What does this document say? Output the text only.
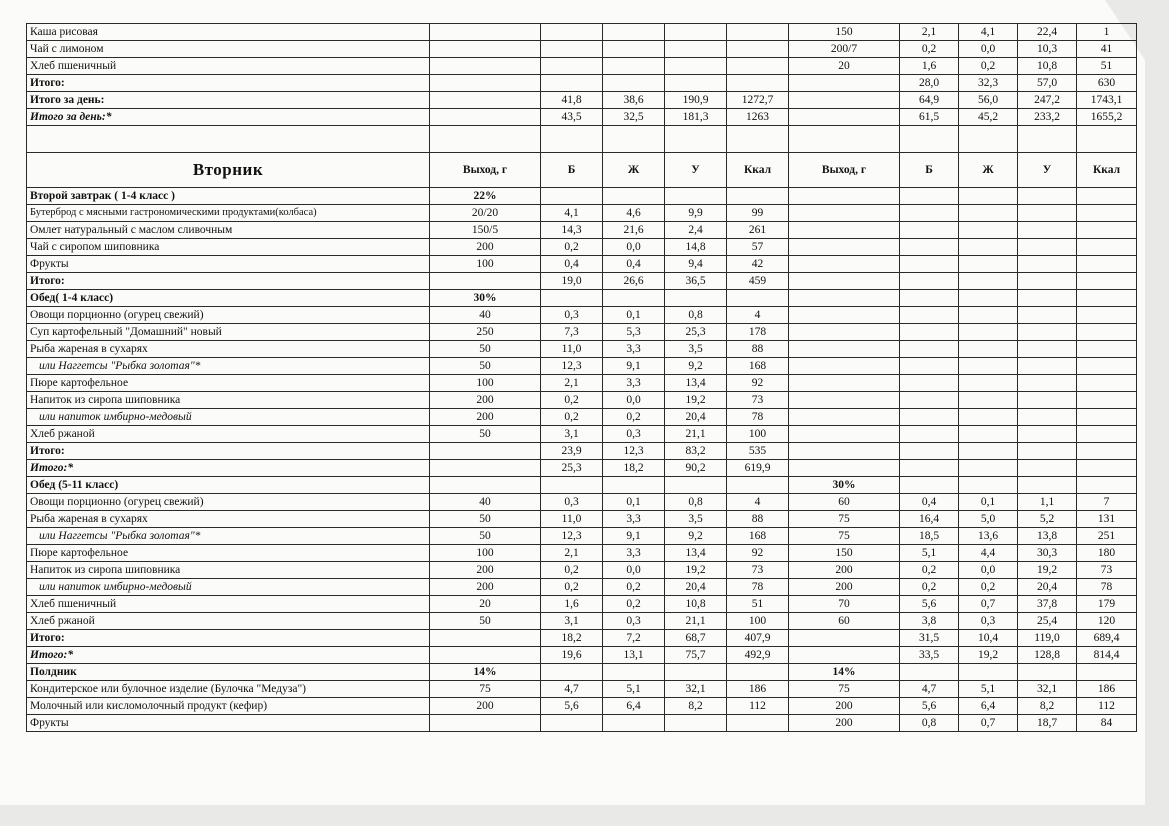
Каша рисовая						150	2,1	4,1	22,4	1
Чай с лимоном						200/7	0,2	0,0	10,3	41
Хлеб пшеничный						20	1,6	0,2	10,8	51
Итого:							28,0	32,3	57,0	630
Итого за день:		41,8	38,6	190,9	1272,7		64,9	56,0	247,2	1743,1
Итого за день:*		43,5	32,5	181,3	1263		61,5	45,2	233,2	1655,2

Вторник	Выход, г	Б	Ж	У	Ккал	Выход, г	Б	Ж	У	Ккал
Второй завтрак ( 1-4 класс )	22%									
Бутерброд с мясными гастрономическими продуктами(колбаса)	20/20	4,1	4,6	9,9	99					
Омлет натуральный с маслом сливочным	150/5	14,3	21,6	2,4	261					
Чай с сиропом шиповника	200	0,2	0,0	14,8	57					
Фрукты	100	0,4	0,4	9,4	42					
Итого:		19,0	26,6	36,5	459					
Обед( 1-4 класс)	30%									
Овощи порционно (огурец свежий)	40	0,3	0,1	0,8	4					
Суп картофельный "Домашний" новый	250	7,3	5,3	25,3	178					
Рыба жареная в сухарях	50	11,0	3,3	3,5	88					
или Наггетсы "Рыбка золотая"*	50	12,3	9,1	9,2	168					
Пюре картофельное	100	2,1	3,3	13,4	92					
Напиток из сиропа шиповника	200	0,2	0,0	19,2	73					
или напиток имбирно-медовый	200	0,2	0,2	20,4	78					
Хлеб ржаной	50	3,1	0,3	21,1	100					
Итого:		23,9	12,3	83,2	535					
Итого:*		25,3	18,2	90,2	619,9					
Обед (5-11 класс)						30%				
Овощи порционно (огурец свежий)	40	0,3	0,1	0,8	4	60	0,4	0,1	1,1	7
Рыба жареная в сухарях	50	11,0	3,3	3,5	88	75	16,4	5,0	5,2	131
или Наггетсы "Рыбка золотая"*	50	12,3	9,1	9,2	168	75	18,5	13,6	13,8	251
Пюре картофельное	100	2,1	3,3	13,4	92	150	5,1	4,4	30,3	180
Напиток из сиропа шиповника	200	0,2	0,0	19,2	73	200	0,2	0,0	19,2	73
или напиток имбирно-медовый	200	0,2	0,2	20,4	78	200	0,2	0,2	20,4	78
Хлеб пшеничный	20	1,6	0,2	10,8	51	70	5,6	0,7	37,8	179
Хлеб ржаной	50	3,1	0,3	21,1	100	60	3,8	0,3	25,4	120
Итого:		18,2	7,2	68,7	407,9		31,5	10,4	119,0	689,4
Итого:*		19,6	13,1	75,7	492,9		33,5	19,2	128,8	814,4
Полдник	14%					14%				
Кондитерское или булочное изделие (Булочка "Медуза")	75	4,7	5,1	32,1	186	75	4,7	5,1	32,1	186
Молочный или кисломолочный продукт (кефир)	200	5,6	6,4	8,2	112	200	5,6	6,4	8,2	112
Фрукты						200	0,8	0,7	18,7	84
